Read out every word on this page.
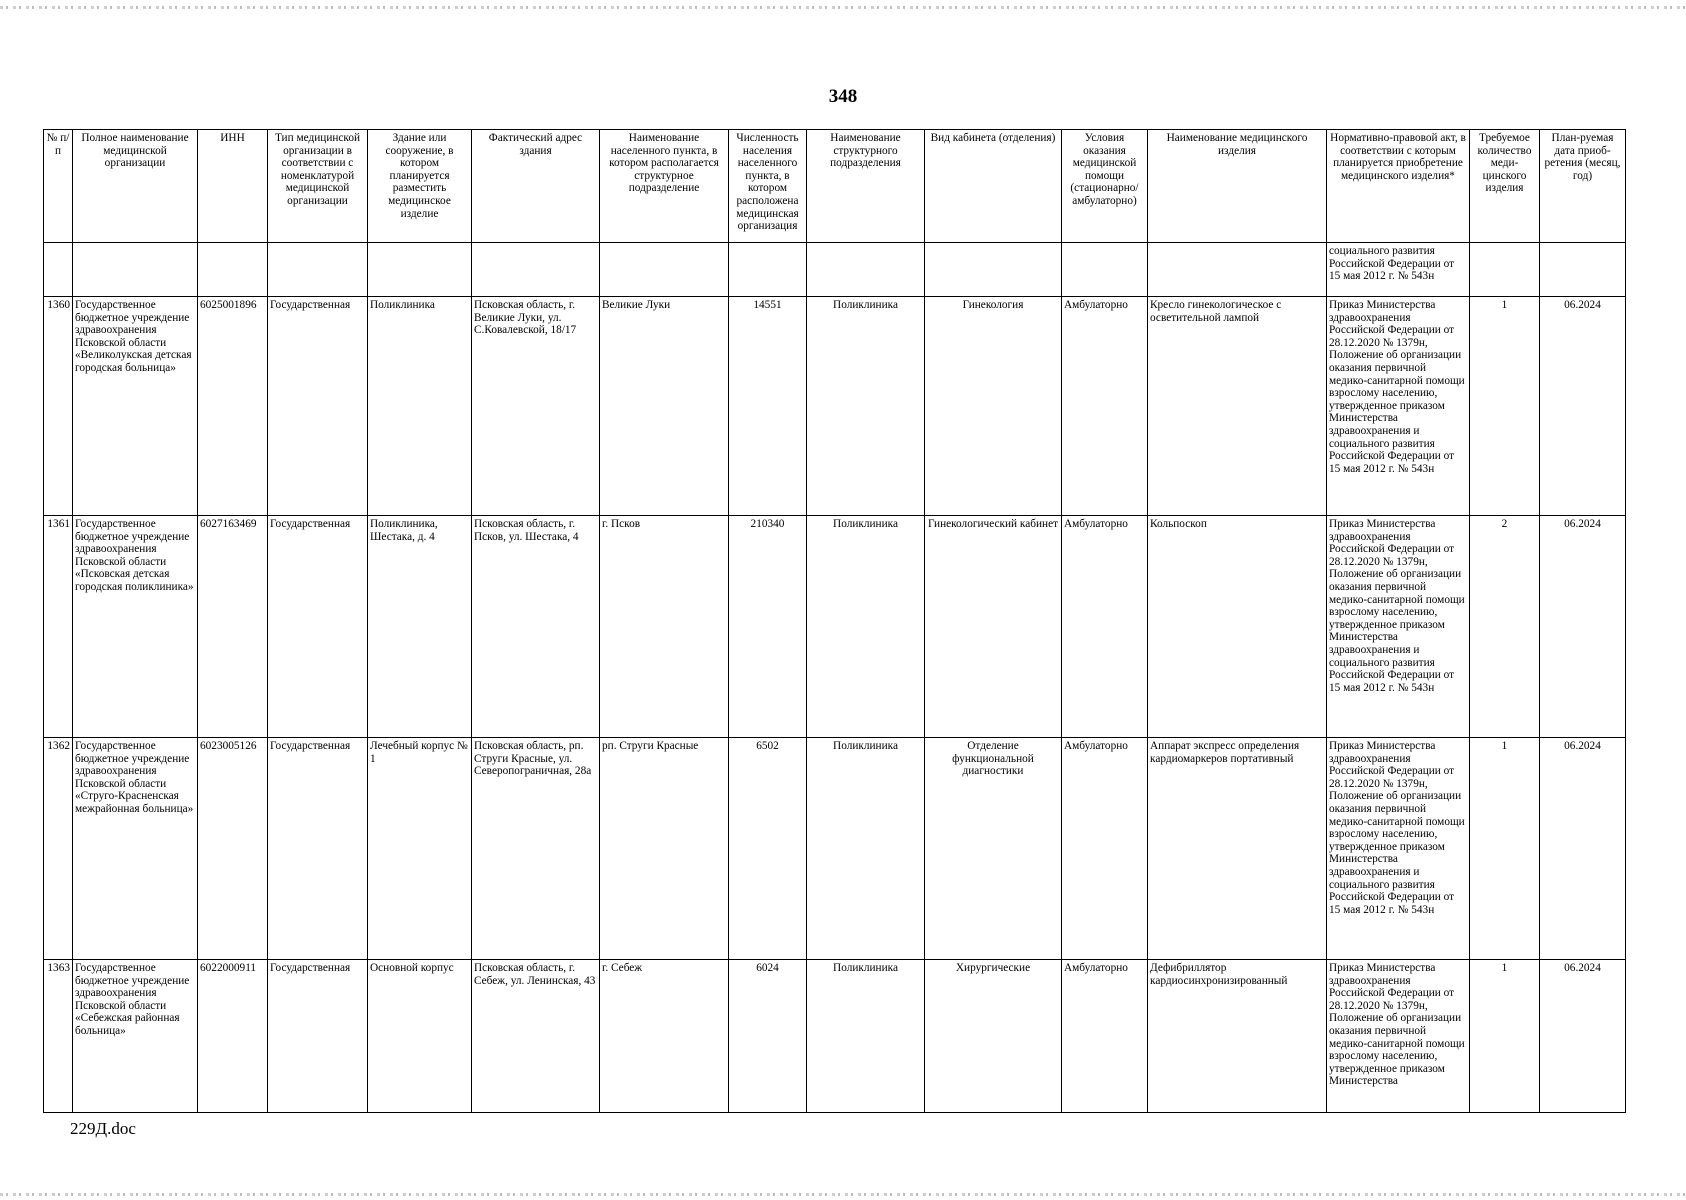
348
№ п/п	Полное наименование медицинской организации	ИНН	Тип медицинской организации в соответствии с номенклатурой медицинской организации	Здание или сооружение, в котором планируется разместить медицинское изделие	Фактический адрес здания	Наименование населенного пункта, в котором располагается структурное подразделение	Численность населения населенного пункта, в котором расположена медицинская организация	Наименование структурного подразделения	Вид кабинета (отделения)	Условия оказания медицинской помощи (стационарно/ амбулаторно)	Наименование медицинского изделия	Нормативно-правовой акт, в соответствии с которым планируется приобретение медицинского изделия*	Требуемое количество меди-цинского изделия	План-руемая дата приоб-ретения (месяц, год)
												социального развития Российской Федерации от 15 мая 2012 г. № 543н		
1360	Государственное бюджетное учреждение здравоохранения Псковской области «Великолукская детская городская больница»	6025001896	Государственная	Поликлиника	Псковская область, г. Великие Луки, ул. С.Ковалевской, 18/17	Великие Луки	14551	Поликлиника	Гинекология	Амбулаторно	Кресло гинекологическое с осветительной лампой	Приказ Министерства здравоохранения Российской Федерации от 28.12.2020 № 1379н, Положение об организации оказания первичной медико-санитарной помощи взрослому населению, утвержденное приказом Министерства здравоохранения и социального развития Российской Федерации от 15 мая 2012 г. № 543н	1	06.2024
1361	Государственное бюджетное учреждение здравоохранения Псковской области «Псковская детская городская поликлиника»	6027163469	Государственная	Поликлиника, Шестака, д. 4	Псковская область, г. Псков, ул. Шестака, 4	г. Псков	210340	Поликлиника	Гинекологический кабинет	Амбулаторно	Кольпоскоп	Приказ Министерства здравоохранения Российской Федерации от 28.12.2020 № 1379н, Положение об организации оказания первичной медико-санитарной помощи взрослому населению, утвержденное приказом Министерства здравоохранения и социального развития Российской Федерации от 15 мая 2012 г. № 543н	2	06.2024
1362	Государственное бюджетное учреждение здравоохранения Псковской области «Струго-Красненская межрайонная больница»	6023005126	Государственная	Лечебный корпус № 1	Псковская область, рп. Струги Красные, ул. Северопограничная, 28а	рп. Струги Красные	6502	Поликлиника	Отделение функциональной диагностики	Амбулаторно	Аппарат экспресс определения кардиомаркеров портативный	Приказ Министерства здравоохранения Российской Федерации от 28.12.2020 № 1379н, Положение об организации оказания первичной медико-санитарной помощи взрослому населению, утвержденное приказом Министерства здравоохранения и социального развития Российской Федерации от 15 мая 2012 г. № 543н	1	06.2024
1363	Государственное бюджетное учреждение здравоохранения Псковской области «Себежская районная больница»	6022000911	Государственная	Основной корпус	Псковская область, г. Себеж, ул. Ленинская, 43	г. Себеж	6024	Поликлиника	Хирургические	Амбулаторно	Дефибриллятор кардиосинхронизированный	Приказ Министерства здравоохранения Российской Федерации от 28.12.2020 № 1379н, Положение об организации оказания первичной медико-санитарной помощи взрослому населению, утвержденное приказом Министерства	1	06.2024
229Д.doc
